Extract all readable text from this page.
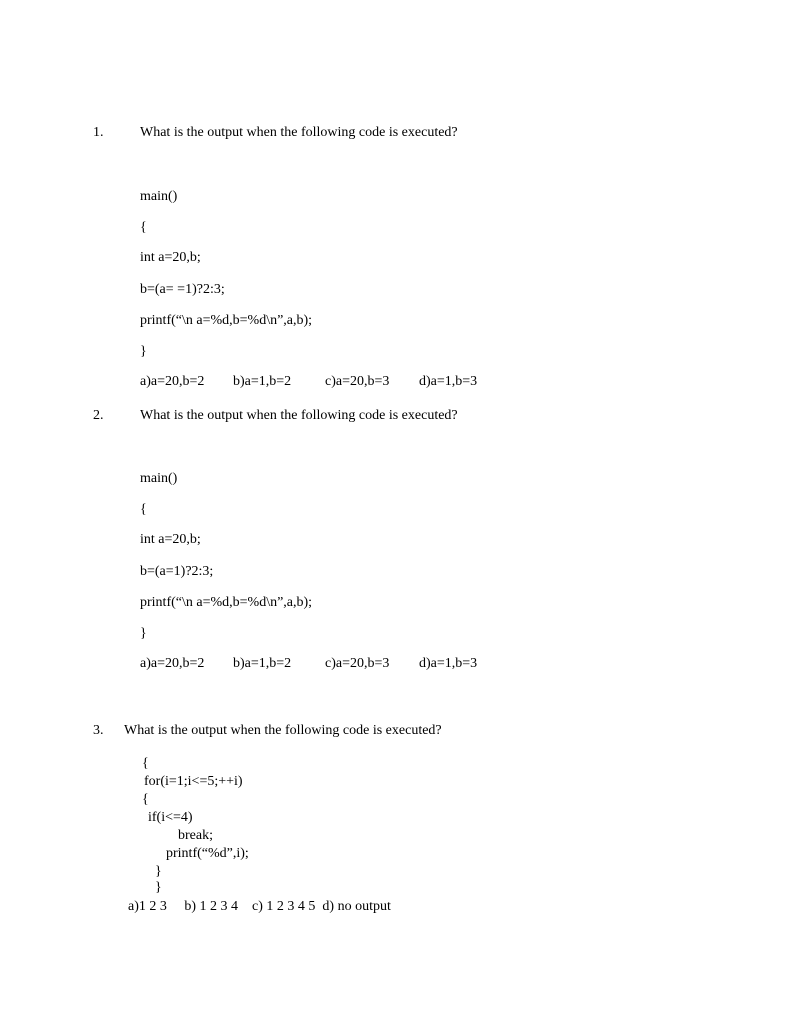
1.	What is the output when the following code is executed?
main()
{
int a=20,b;
b=(a= =1)?2:3;
printf(“\n a=%d,b=%d\n”,a,b);
}
a)a=20,b=2 b)a=1,b=2 c)a=20,b=3 d)a=1,b=3
2.	What is the output when the following code is executed?
main()
{
int a=20,b;
b=(a=1)?2:3;
printf(“\n a=%d,b=%d\n”,a,b);
}
a)a=20,b=2 b)a=1,b=2 c)a=20,b=3 d)a=1,b=3
3. What is the output when the following code is executed?
{
for(i=1;i<=5;++i)
{
if(i<=4)
break;
printf(“%d”,i);
}
}
a)1 2 3     b) 1 2 3 4    c) 1 2 3 4 5  d) no output
